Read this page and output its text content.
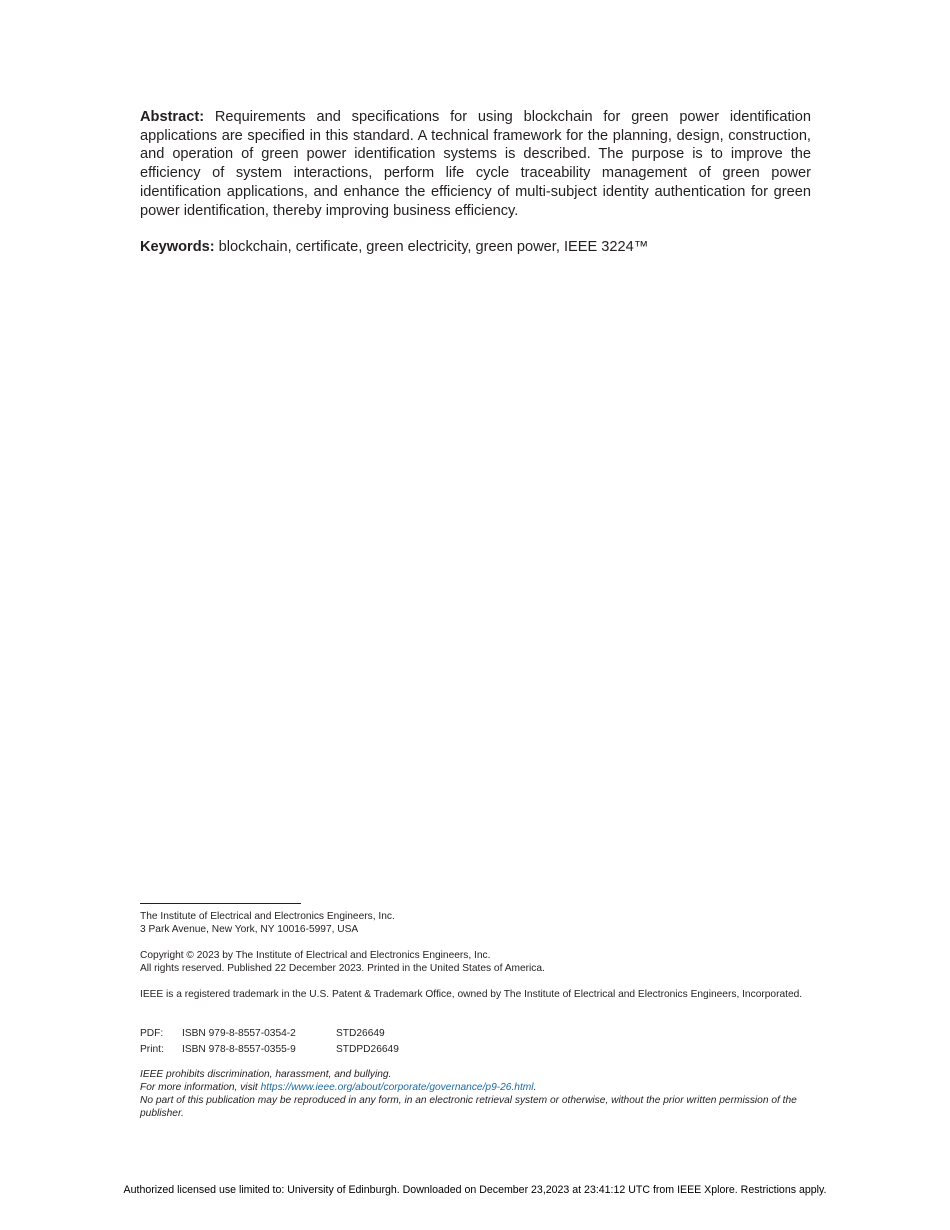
Abstract: Requirements and specifications for using blockchain for green power identification applications are specified in this standard. A technical framework for the planning, design, construction, and operation of green power identification systems is described. The purpose is to improve the efficiency of system interactions, perform life cycle traceability management of green power identification applications, and enhance the efficiency of multi-subject identity authentication for green power identification, thereby improving business efficiency.

Keywords: blockchain, certificate, green electricity, green power, IEEE 3224™

The Institute of Electrical and Electronics Engineers, Inc.

3 Park Avenue, New York, NY 10016-5997, USA

Copyright © 2023 by The Institute of Electrical and Electronics Engineers, Inc.

All rights reserved. Published 22 December 2023. Printed in the United States of America.

IEEE is a registered trademark in the U.S. Patent & Trademark Office, owned by The Institute of Electrical and Electronics Engineers, Incorporated.

PDF:	ISBN 979-8-8557-0354-2	STD26649
Print:	ISBN 978-8-8557-0355-9	STDPD26649

IEEE prohibits discrimination, harassment, and bullying.

For more information, visit https://www.ieee.org/about/corporate/governance/p9-26.html.

No part of this publication may be reproduced in any form, in an electronic retrieval system or otherwise, without the prior written permission of the publisher.

Authorized licensed use limited to: University of Edinburgh. Downloaded on December 23,2023 at 23:41:12 UTC from IEEE Xplore. Restrictions apply.
